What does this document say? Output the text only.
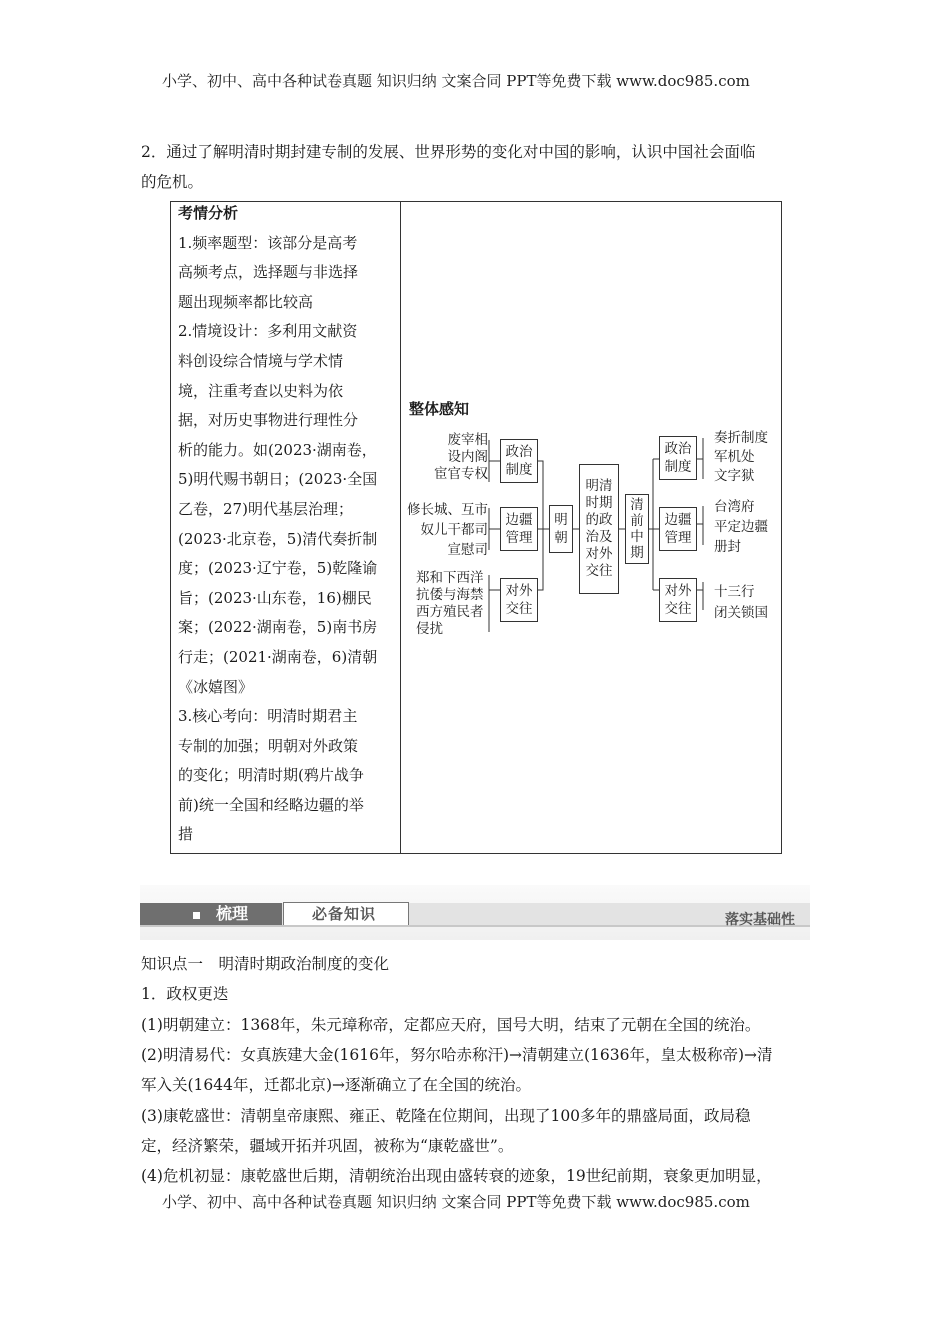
小学、初中、高中各种试卷真题 知识归纳 文案合同 PPT等免费下载 www.doc985.com
2．通过了解明清时期封建专制的发展、世界形势的变化对中国的影响，认识中国社会面临
的危机。
考情分析
1.频率题型：该部分是高考
高频考点，选择题与非选择
题出现频率都比较高
2.情境设计：多利用文献资
料创设综合情境与学术情
境，注重考查以史料为依
据，对历史事物进行理性分
析的能力。如(2023·湖南卷，
5)明代赐书朝日；(2023·全国
乙卷，27)明代基层治理；
(2023·北京卷，5)清代奏折制
度；(2023·辽宁卷，5)乾隆谕
旨；(2023·山东卷，16)棚民
案；(2022·湖南卷，5)南书房
行走；(2021·湖南卷，6)清朝
《冰嬉图》
3.核心考向：明清时期君主
专制的加强；明朝对外政策
的变化；明清时期(鸦片战争
前)统一全国和经略边疆的举
措
整体感知
废宰相
设内阁
宦官专权
修长城、互市
奴儿干都司
宣慰司
郑和下西洋
抗倭与海禁
西方殖民者
侵扰
政治制度
边疆管理
对外交往
明朝
明清时期的政治及对外交往
清前中期
政治制度
边疆管理
对外交往
奏折制度
军机处
文字狱
台湾府
平定边疆
册封
十三行
闭关锁国
梳理	必备知识	落实基础性
知识点一　明清时期政治制度的变化
1．政权更迭
(1)明朝建立：1368年，朱元璋称帝，定都应天府，国号大明，结束了元朝在全国的统治。
(2)明清易代：女真族建大金(1616年，努尔哈赤称汗)→清朝建立(1636年，皇太极称帝)→清
军入关(1644年，迁都北京)→逐渐确立了在全国的统治。
(3)康乾盛世：清朝皇帝康熙、雍正、乾隆在位期间，出现了100多年的鼎盛局面，政局稳
定，经济繁荣，疆域开拓并巩固，被称为“康乾盛世”。
(4)危机初显：康乾盛世后期，清朝统治出现由盛转衰的迹象，19世纪前期，衰象更加明显，
小学、初中、高中各种试卷真题 知识归纳 文案合同 PPT等免费下载 www.doc985.com
